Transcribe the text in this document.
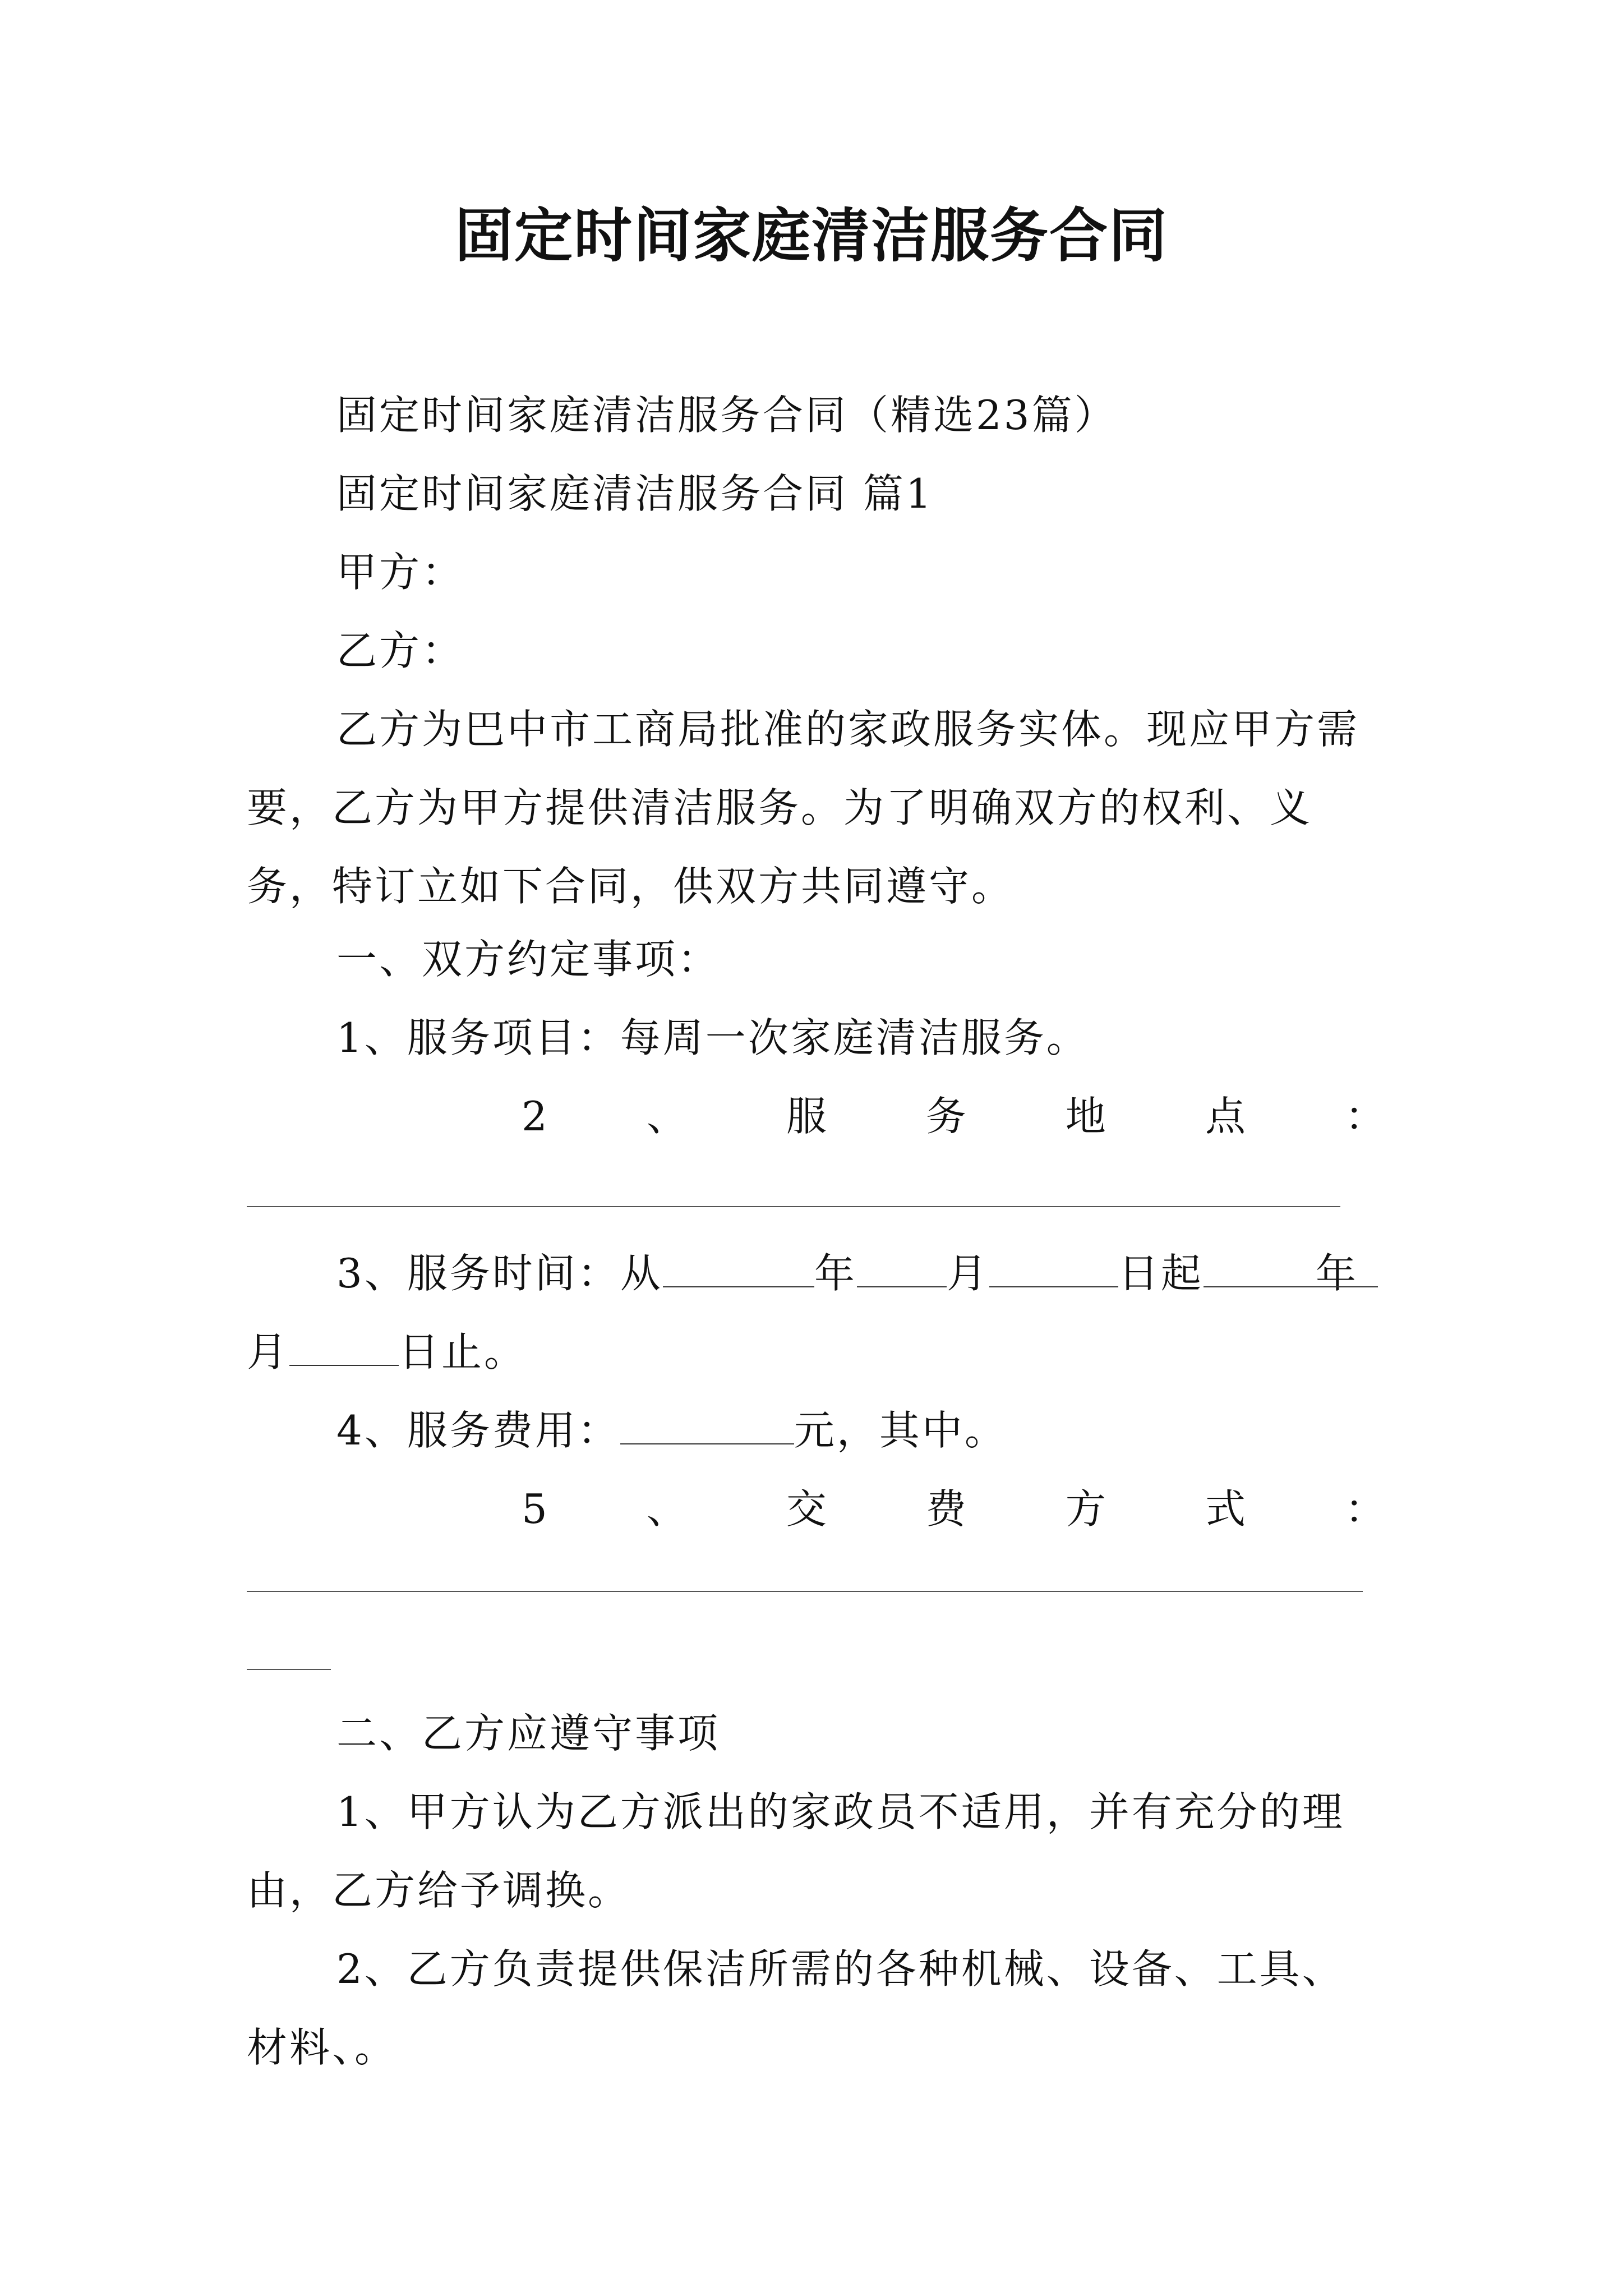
固定时间家庭清洁服务合同

固定时间家庭清洁服务合同（精选23篇）

固定时间家庭清洁服务合同 篇1

甲方：

乙方：

乙方为巴中市工商局批准的家政服务实体。现应甲方需要，乙方为甲方提供清洁服务。为了明确双方的权利、义务，特订立如下合同，供双方共同遵守。

一、双方约定事项：

1、服务项目：每周一次家庭清洁服务。

2 、 服 务 地 点 ：

3、服务时间：从	年 月	日起	年月	日止。

4、服务费用：	元，其中。

5 、 交 费 方 式 ：

二、乙方应遵守事项

1、甲方认为乙方派出的家政员不适用，并有充分的理由，乙方给予调换。

2、乙方负责提供保洁所需的各种机械、设备、工具、材料、。
